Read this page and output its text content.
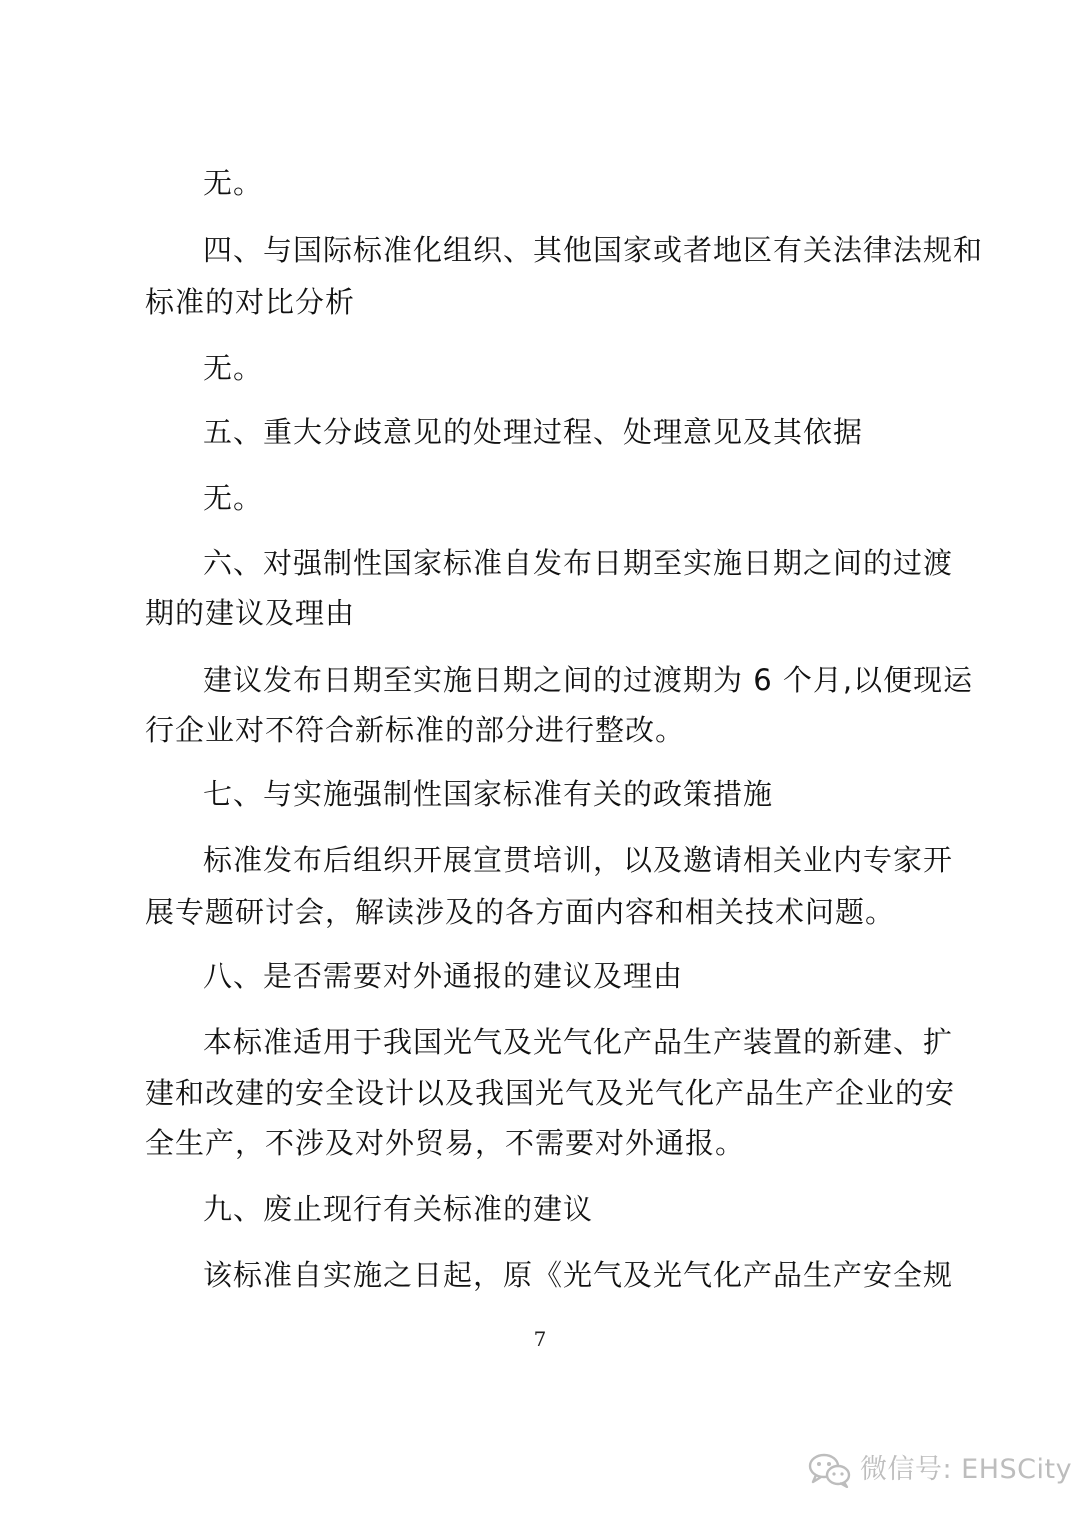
无。
四、与国际标准化组织、其他国家或者地区有关法律法规和
标准的对比分析
无。
五、重大分歧意见的处理过程、处理意见及其依据
无。
六、对强制性国家标准自发布日期至实施日期之间的过渡
期的建议及理由
建议发布日期至实施日期之间的过渡期为 6 个月,以便现运
行企业对不符合新标准的部分进行整改。
七、与实施强制性国家标准有关的政策措施
标准发布后组织开展宣贯培训，以及邀请相关业内专家开
展专题研讨会，解读涉及的各方面内容和相关技术问题。
八、是否需要对外通报的建议及理由
本标准适用于我国光气及光气化产品生产装置的新建、扩
建和改建的安全设计以及我国光气及光气化产品生产企业的安
全生产，不涉及对外贸易，不需要对外通报。
九、废止现行有关标准的建议
该标准自实施之日起，原《光气及光气化产品生产安全规
7
微信号: EHSCity
